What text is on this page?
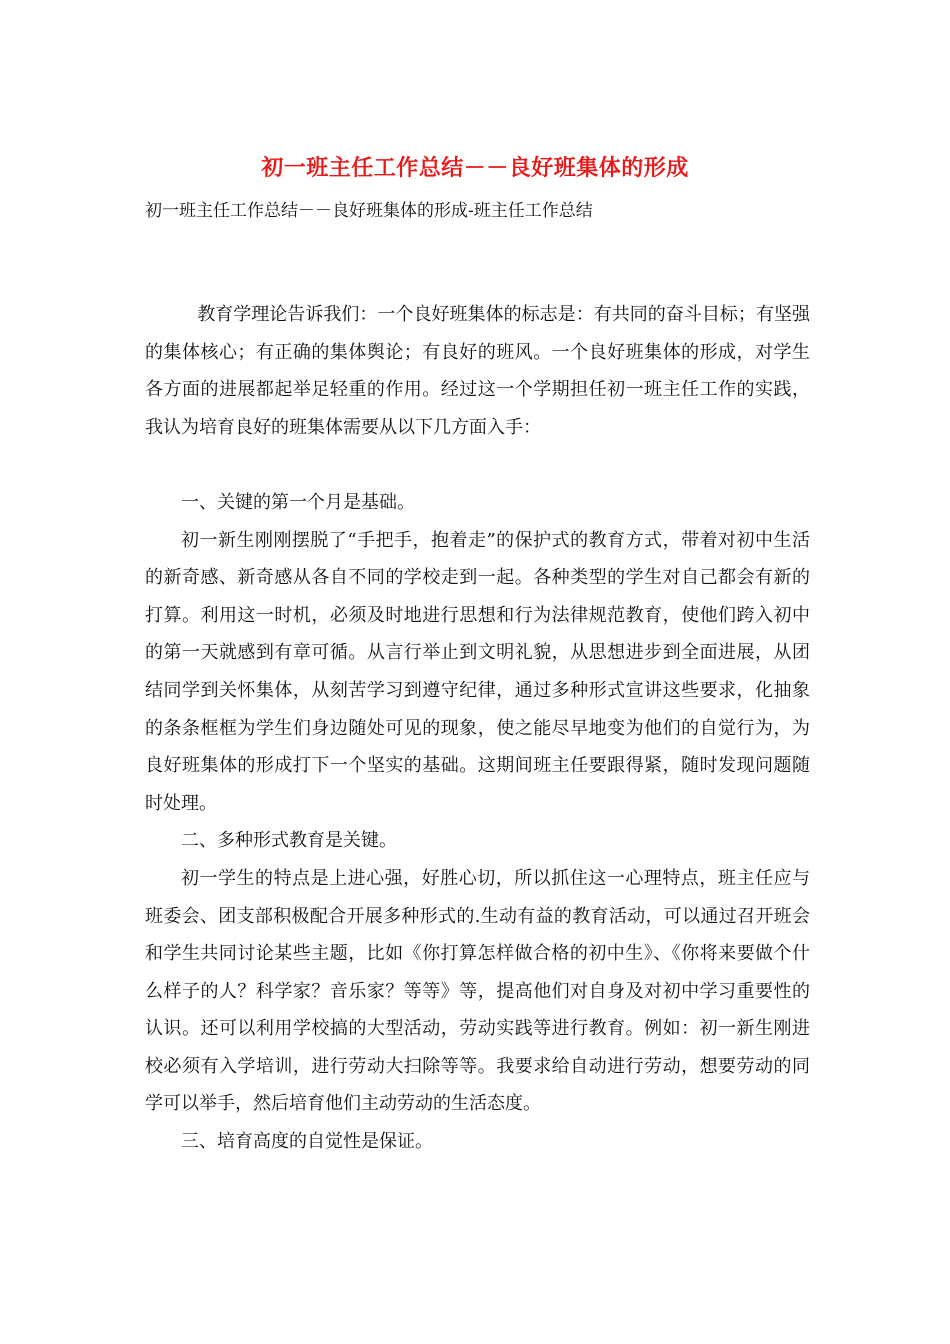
初一班主任工作总结－－良好班集体的形成
初一班主任工作总结－－良好班集体的形成-班主任工作总结

教育学理论告诉我们：一个良好班集体的标志是：有共同的奋斗目标；有坚强的集体核心；有正确的集体舆论；有良好的班风。一个良好班集体的形成，对学生各方面的进展都起举足轻重的作用。经过这一个学期担任初一班主任工作的实践，我认为培育良好的班集体需要从以下几方面入手：

一、关键的第一个月是基础。

初一新生刚刚摆脱了“手把手，抱着走”的保护式的教育方式，带着对初中生活的新奇感、新奇感从各自不同的学校走到一起。各种类型的学生对自己都会有新的打算。利用这一时机，必须及时地进行思想和行为法律规范教育，使他们跨入初中的第一天就感到有章可循。从言行举止到文明礼貌，从思想进步到全面进展，从团结同学到关怀集体，从刻苦学习到遵守纪律，通过多种形式宣讲这些要求，化抽象的条条框框为学生们身边随处可见的现象，使之能尽早地变为他们的自觉行为，为良好班集体的形成打下一个坚实的基础。这期间班主任要跟得紧，随时发现问题随时处理。

二、多种形式教育是关键。

初一学生的特点是上进心强，好胜心切，所以抓住这一心理特点，班主任应与班委会、团支部积极配合开展多种形式的.生动有益的教育活动，可以通过召开班会和学生共同讨论某些主题，比如《你打算怎样做合格的初中生》、《你将来要做个什么样子的人？科学家？音乐家？等等》等，提高他们对自身及对初中学习重要性的认识。还可以利用学校搞的大型活动，劳动实践等进行教育。例如：初一新生刚进校必须有入学培训，进行劳动大扫除等等。我要求给自动进行劳动，想要劳动的同学可以举手，然后培育他们主动劳动的生活态度。

三、培育高度的自觉性是保证。
